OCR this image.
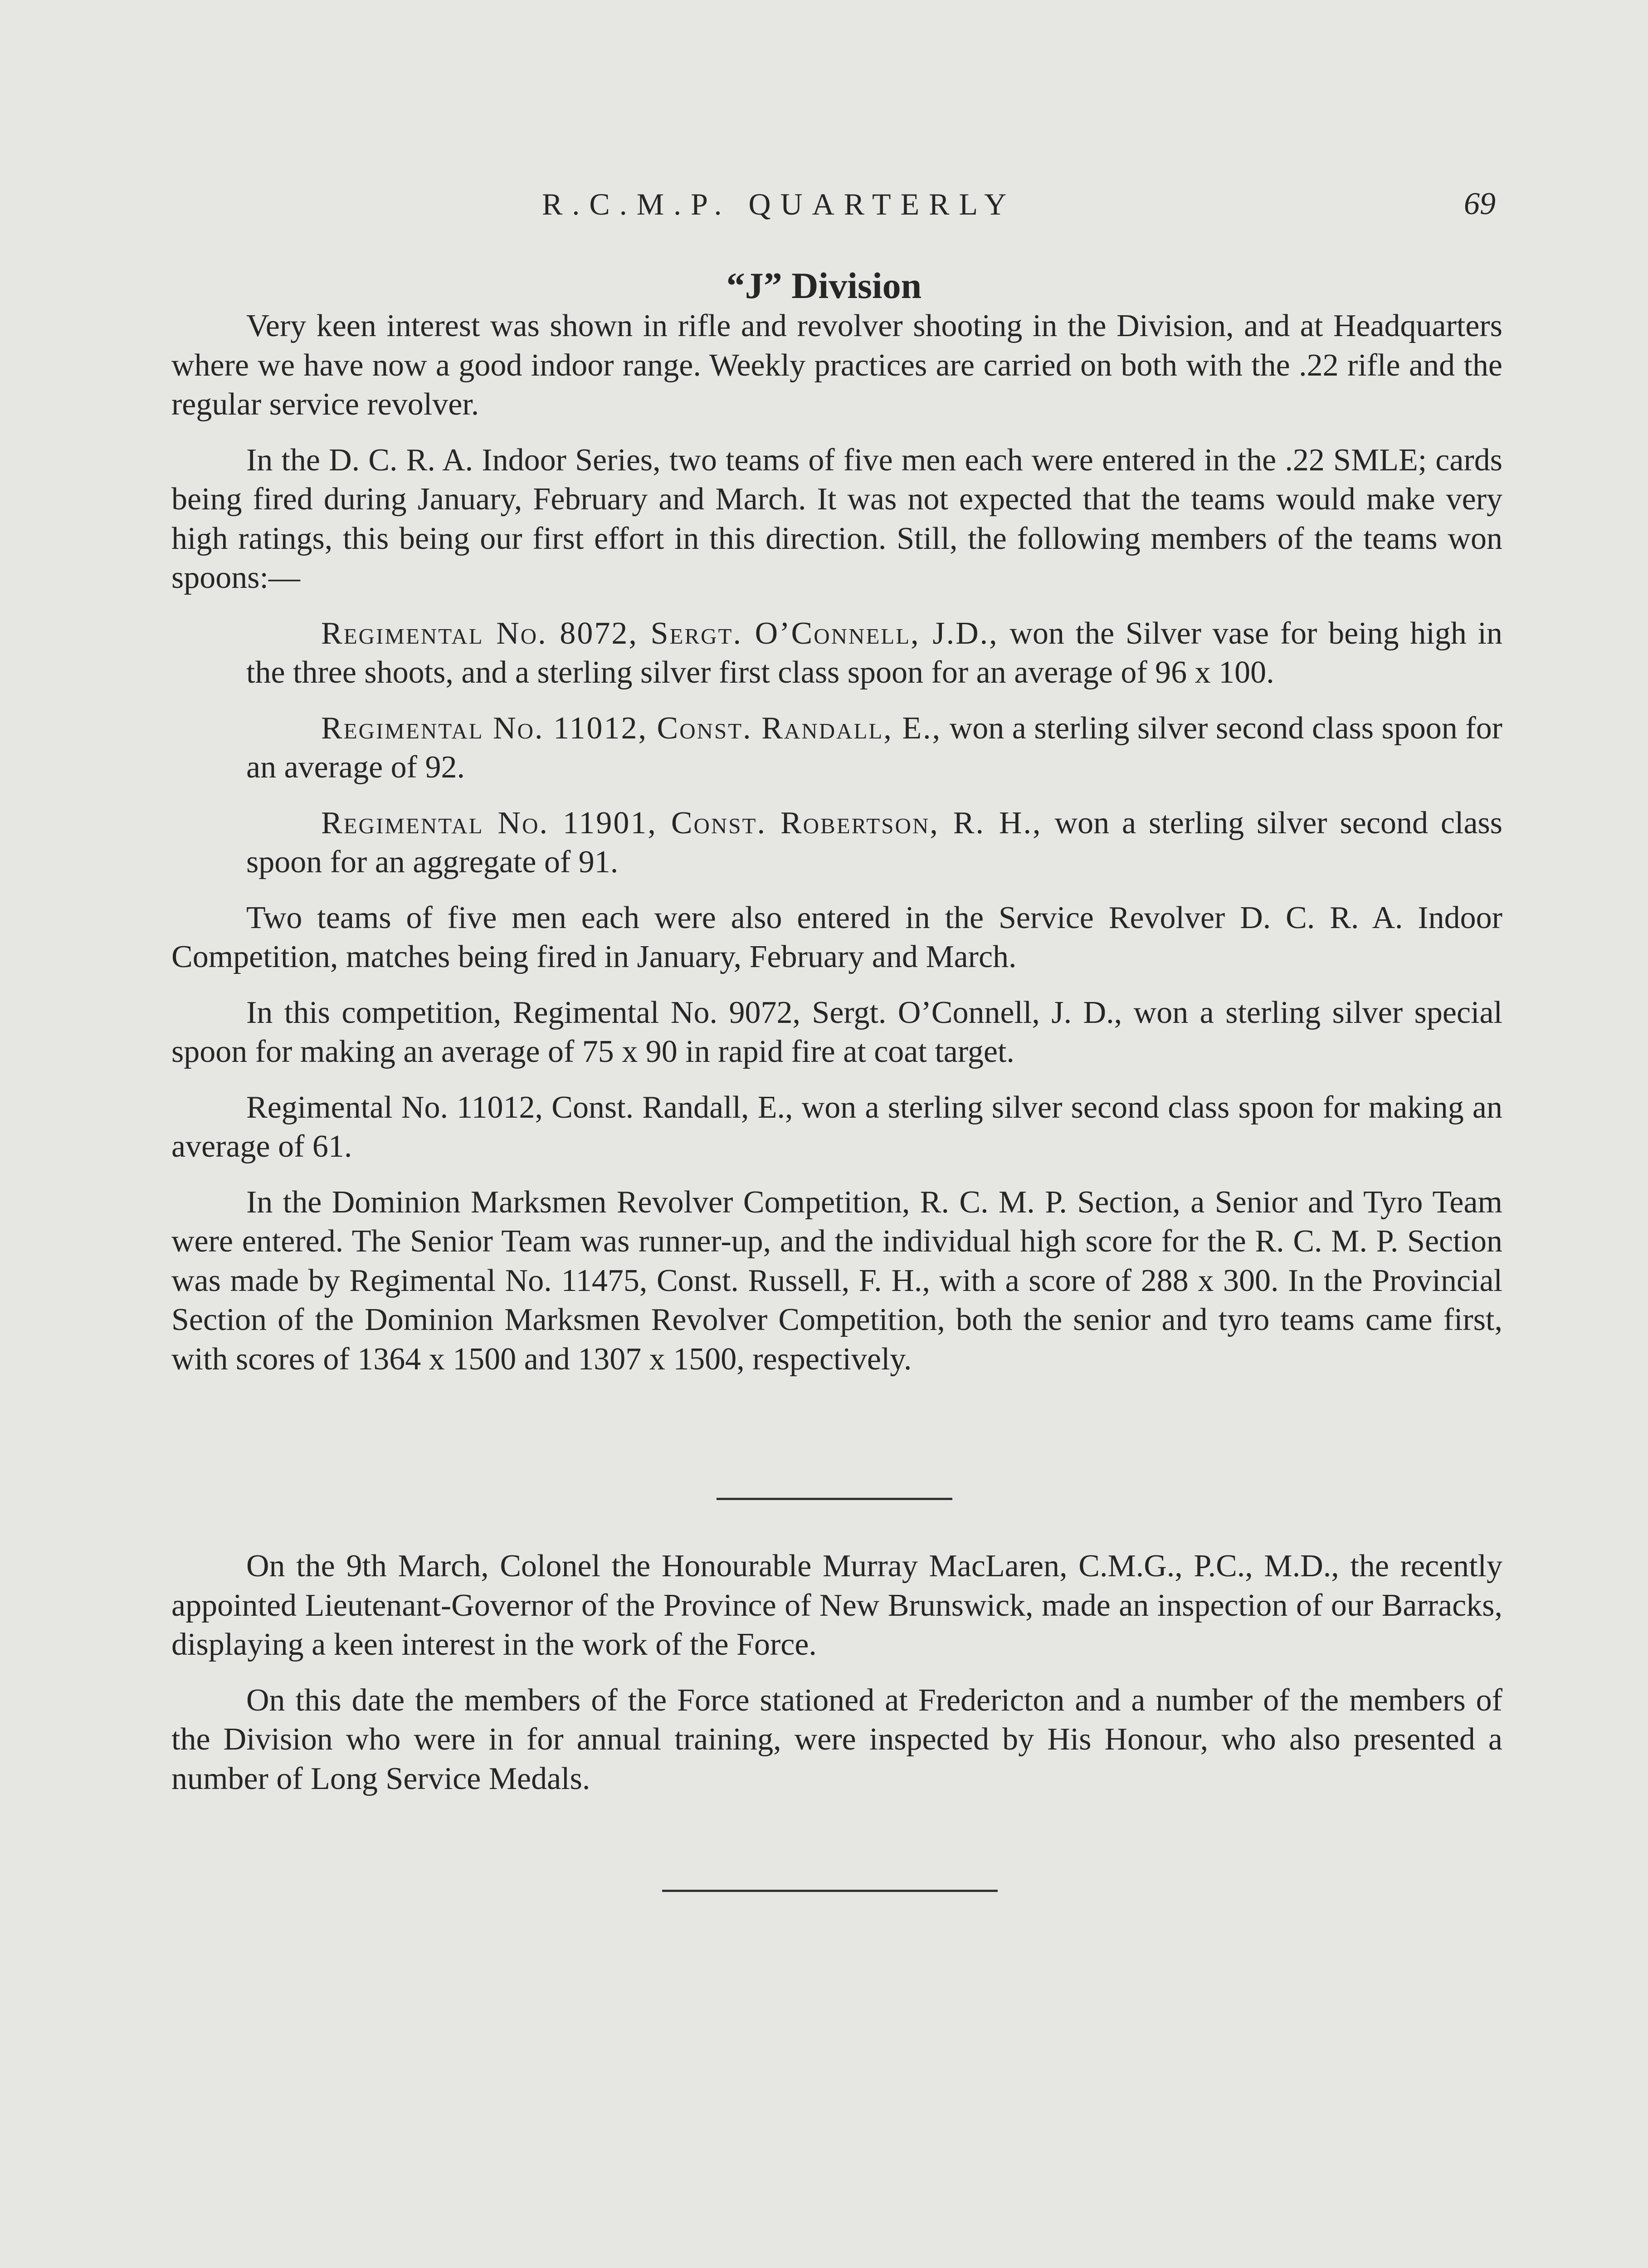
R.C.M.P. QUARTERLY	69
“J” Division

Very keen interest was shown in rifle and revolver shooting in the Division, and at Headquarters where we have now a good indoor range. Weekly practices are carried on both with the .22 rifle and the regular service revolver.

In the D. C. R. A. Indoor Series, two teams of five men each were entered in the .22 SMLE; cards being fired during January, February and March. It was not expected that the teams would make very high ratings, this being our first effort in this direction. Still, the following members of the teams won spoons:—

Regimental No. 8072, Sergt. O’Connell, J.D., won the Silver vase for being high in the three shoots, and a sterling silver first class spoon for an average of 96 x 100.

Regimental No. 11012, Const. Randall, E., won a sterling silver second class spoon for an average of 92.

Regimental No. 11901, Const. Robertson, R. H., won a sterling silver second class spoon for an aggregate of 91.

Two teams of five men each were also entered in the Service Revolver D. C. R. A. Indoor Competition, matches being fired in January, February and March.

In this competition, Regimental No. 9072, Sergt. O’Connell, J. D., won a sterling silver special spoon for making an average of 75 x 90 in rapid fire at coat target.

Regimental No. 11012, Const. Randall, E., won a sterling silver second class spoon for making an average of 61.

In the Dominion Marksmen Revolver Competition, R. C. M. P. Section, a Senior and Tyro Team were entered. The Senior Team was runner-up, and the individual high score for the R. C. M. P. Section was made by Regimental No. 11475, Const. Russell, F. H., with a score of 288 x 300. In the Provincial Section of the Dominion Marksmen Revolver Competition, both the senior and tyro teams came first, with scores of 1364 x 1500 and 1307 x 1500, respectively.

On the 9th March, Colonel the Honourable Murray MacLaren, C.M.G., P.C., M.D., the recently appointed Lieutenant-Governor of the Province of New Brunswick, made an inspection of our Barracks, displaying a keen interest in the work of the Force.

On this date the members of the Force stationed at Fredericton and a number of the members of the Division who were in for annual training, were inspected by His Honour, who also presented a number of Long Service Medals.
